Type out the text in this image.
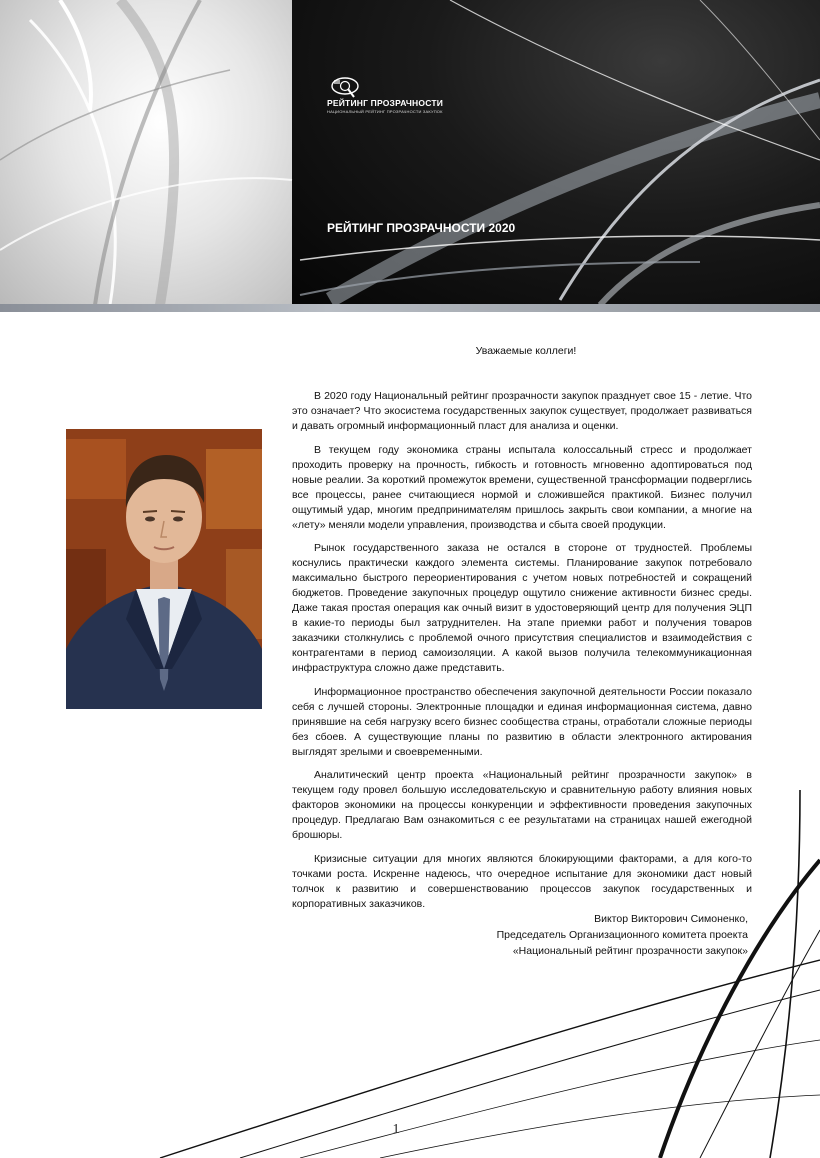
РЕЙТИНГ ПРОЗРАЧНОСТИ
НАЦИОНАЛЬНЫЙ РЕЙТИНГ ПРОЗРАЧНОСТИ ЗАКУПОК
РЕЙТИНГ ПРОЗРАЧНОСТИ 2020
Уважаемые коллеги!

В 2020 году Национальный рейтинг прозрачности закупок празднует свое 15 - летие. Что это означает? Что экосистема государственных закупок существует, продолжает развиваться и давать огромный информационный пласт для анализа и оценки.

В текущем году экономика страны испытала колоссальный стресс и продолжает проходить проверку на прочность, гибкость и готовность мгновенно адоптироваться под новые реалии. За короткий промежуток времени, существенной трансформации подверглись все процессы, ранее считающиеся нормой и сложившейся практикой. Бизнес получил ощутимый удар, многим предпринимателям пришлось закрыть свои компании, а многие на «лету» меняли модели управления, производства и сбыта своей продукции.

Рынок государственного заказа не остался в стороне от трудностей. Проблемы коснулись практически каждого элемента системы. Планирование закупок потребовало максимально быстрого переориентирования с учетом новых потребностей и сокращений бюджетов. Проведение закупочных процедур ощутило снижение активности бизнес среды. Даже такая простая операция как очный визит в удостоверяющий центр для получения ЭЦП в какие-то периоды был затруднителен. На этапе приемки работ и получения товаров заказчики столкнулись с проблемой очного присутствия специалистов и взаимодействия с контрагентами в период самоизоляции. А какой вызов получила телекоммуникационная инфраструктура сложно даже представить.

Информационное пространство обеспечения закупочной деятельности России показало себя с лучшей стороны. Электронные площадки и единая информационная система, давно принявшие на себя нагрузку всего бизнес сообщества страны, отработали сложные периоды без сбоев. А существующие планы по развитию в области электронного актирования выглядят зрелыми и своевременными.

Аналитический центр проекта «Национальный рейтинг прозрачности закупок» в текущем году провел большую исследовательскую и сравнительную работу влияния новых факторов экономики на процессы конкуренции и эффективности проведения закупочных процедур. Предлагаю Вам ознакомиться с ее результатами на страницах нашей ежегодной брошюры.

Кризисные ситуации для многих являются блокирующими факторами, а для кого-то точками роста. Искренне надеюсь, что очередное испытание для экономики даст новый толчок к развитию и совершенствованию процессов закупок государственных и корпоративных заказчиков.

Виктор Викторович Симоненко,
Председатель Организационного комитета проекта
«Национальный рейтинг прозрачности закупок»
1
